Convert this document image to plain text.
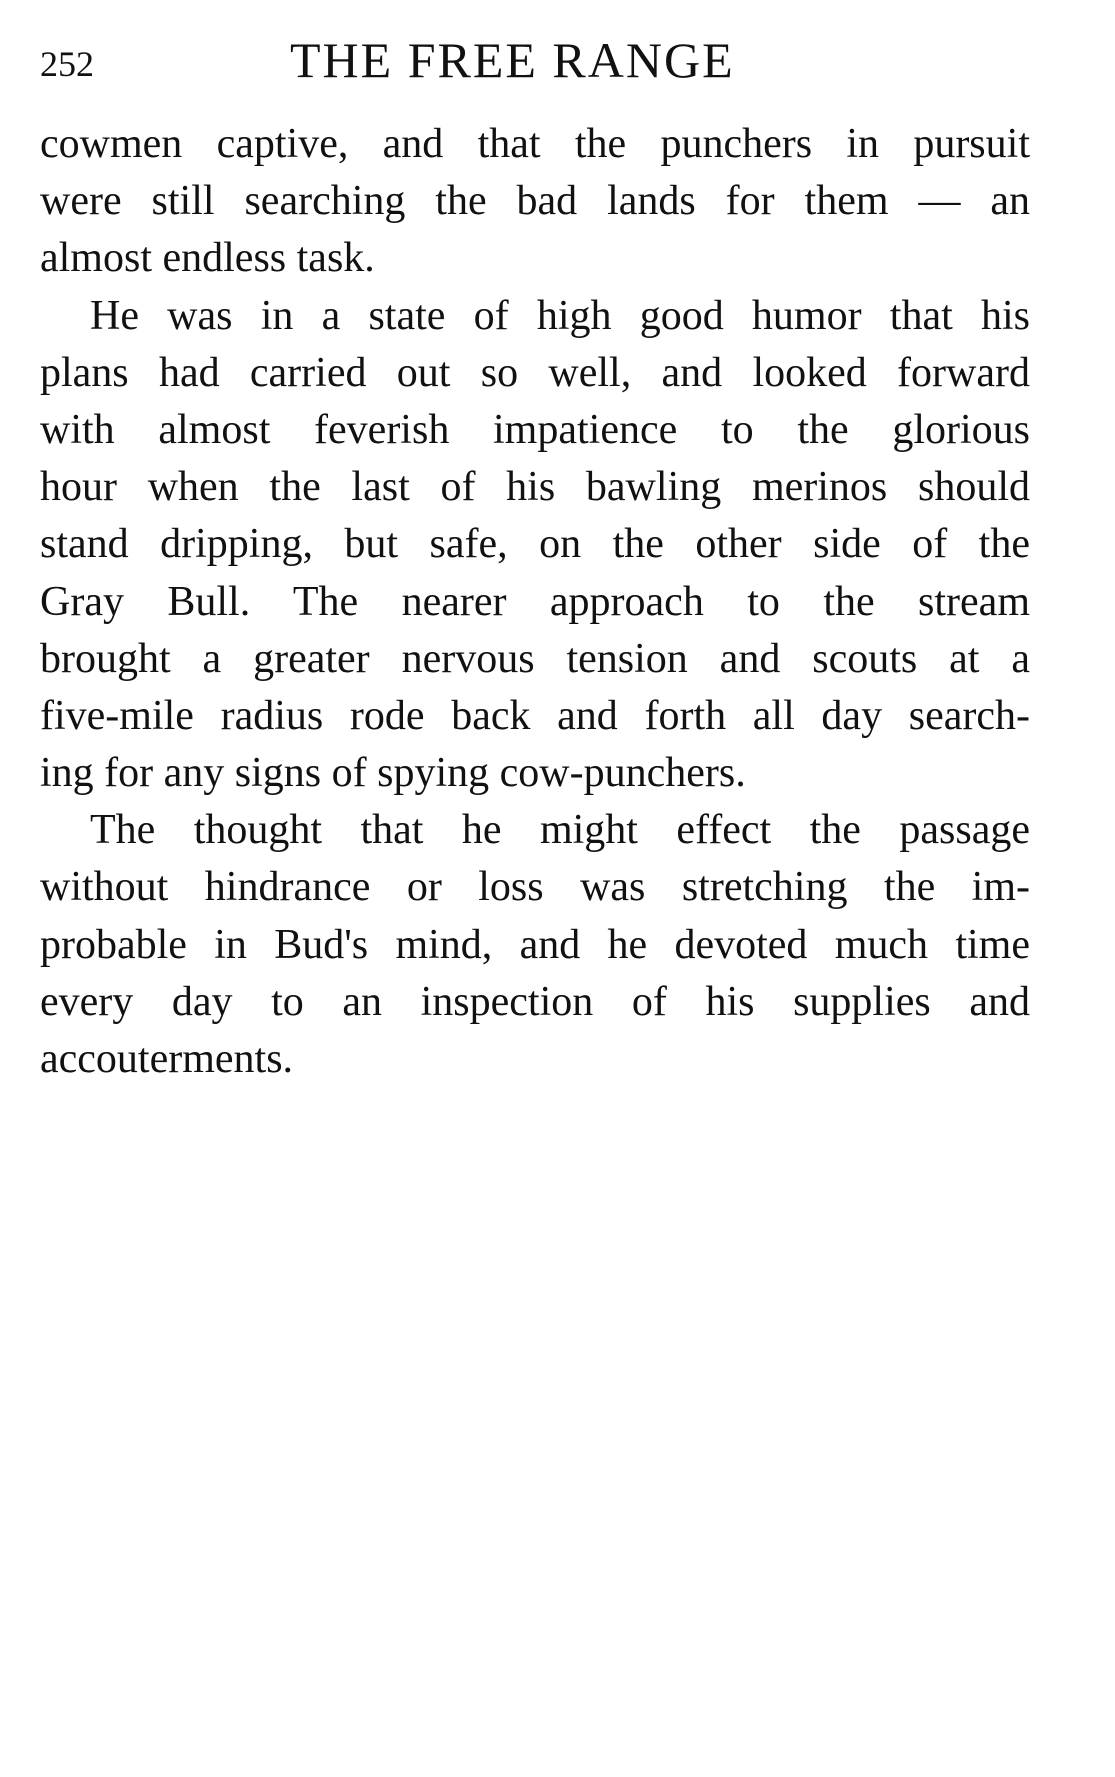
252	THE FREE RANGE
cowmen captive, and that the punchers in pursuit
were still searching the bad lands for them — an
almost endless task.
He was in a state of high good humor that his
plans had carried out so well, and looked forward
with almost feverish impatience to the glorious
hour when the last of his bawling merinos should
stand dripping, but safe, on the other side of the
Gray Bull. The nearer approach to the stream
brought a greater nervous tension and scouts at a
five-mile radius rode back and forth all day search-
ing for any signs of spying cow-punchers.
The thought that he might effect the passage
without hindrance or loss was stretching the im-
probable in Bud's mind, and he devoted much time
every day to an inspection of his supplies and
accouterments.
